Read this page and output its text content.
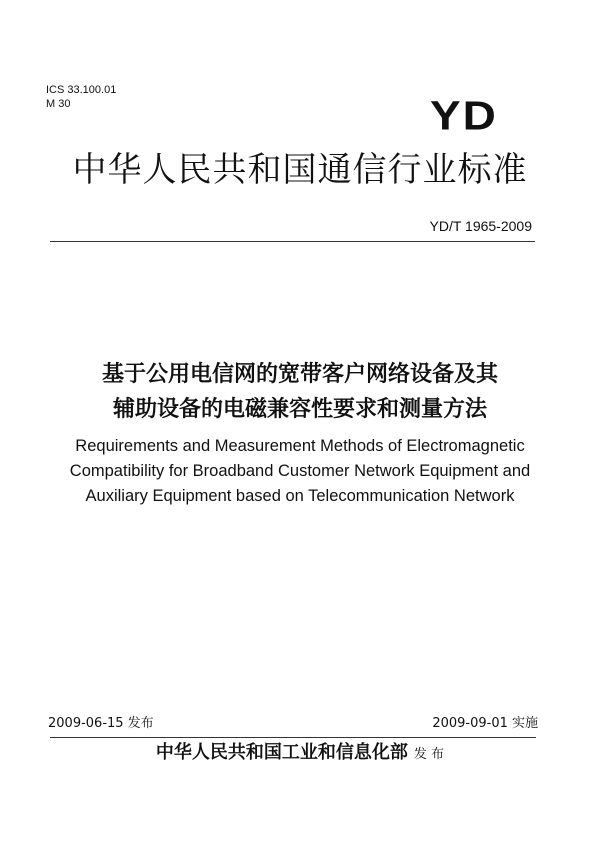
ICS 33.100.01
M 30	YD
中华人民共和国通信行业标准
YD/T 1965-2009
基于公用电信网的宽带客户网络设备及其
辅助设备的电磁兼容性要求和测量方法
Requirements and Measurement Methods of Electromagnetic
Compatibility for Broadband Customer Network Equipment and
Auxiliary Equipment based on Telecommunication Network
2009-06-15 发布	2009-09-01 实施
中华人民共和国工业和信息化部 发 布
